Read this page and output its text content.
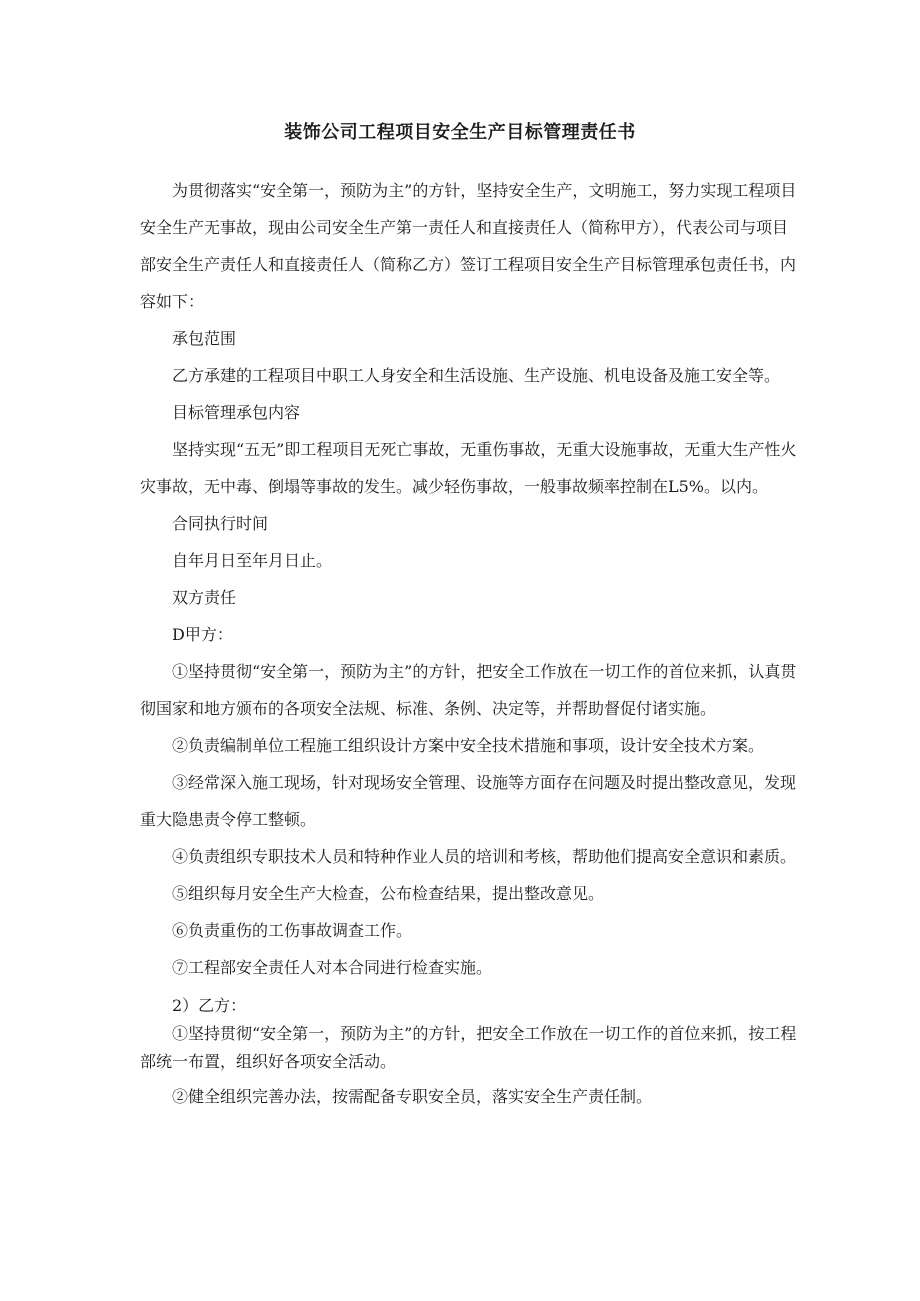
装饰公司工程项目安全生产目标管理责任书

为贯彻落实“安全第一，预防为主”的方针，坚持安全生产，文明施工，努力实现工程项目安全生产无事故，现由公司安全生产第一责任人和直接责任人（简称甲方），代表公司与项目部安全生产责任人和直接责任人（简称乙方）签订工程项目安全生产目标管理承包责任书，内容如下：

承包范围

乙方承建的工程项目中职工人身安全和生活设施、生产设施、机电设备及施工安全等。

目标管理承包内容

坚持实现“五无”即工程项目无死亡事故，无重伤事故，无重大设施事故，无重大生产性火灾事故，无中毒、倒塌等事故的发生。减少轻伤事故，一般事故频率控制在L5%。以内。

合同执行时间

自年月日至年月日止。

双方责任

D甲方：

①坚持贯彻“安全第一，预防为主”的方针，把安全工作放在一切工作的首位来抓，认真贯彻国家和地方颁布的各项安全法规、标准、条例、决定等，并帮助督促付诸实施。

②负责编制单位工程施工组织设计方案中安全技术措施和事项，设计安全技术方案。

③经常深入施工现场，针对现场安全管理、设施等方面存在问题及时提出整改意见，发现重大隐患责令停工整顿。

④负责组织专职技术人员和特种作业人员的培训和考核，帮助他们提高安全意识和素质。

⑤组织每月安全生产大检查，公布检查结果，提出整改意见。

⑥负责重伤的工伤事故调查工作。

⑦工程部安全责任人对本合同进行检查实施。

2）乙方：

①坚持贯彻“安全第一，预防为主”的方针，把安全工作放在一切工作的首位来抓，按工程部统一布置，组织好各项安全活动。

②健全组织完善办法，按需配备专职安全员，落实安全生产责任制。
